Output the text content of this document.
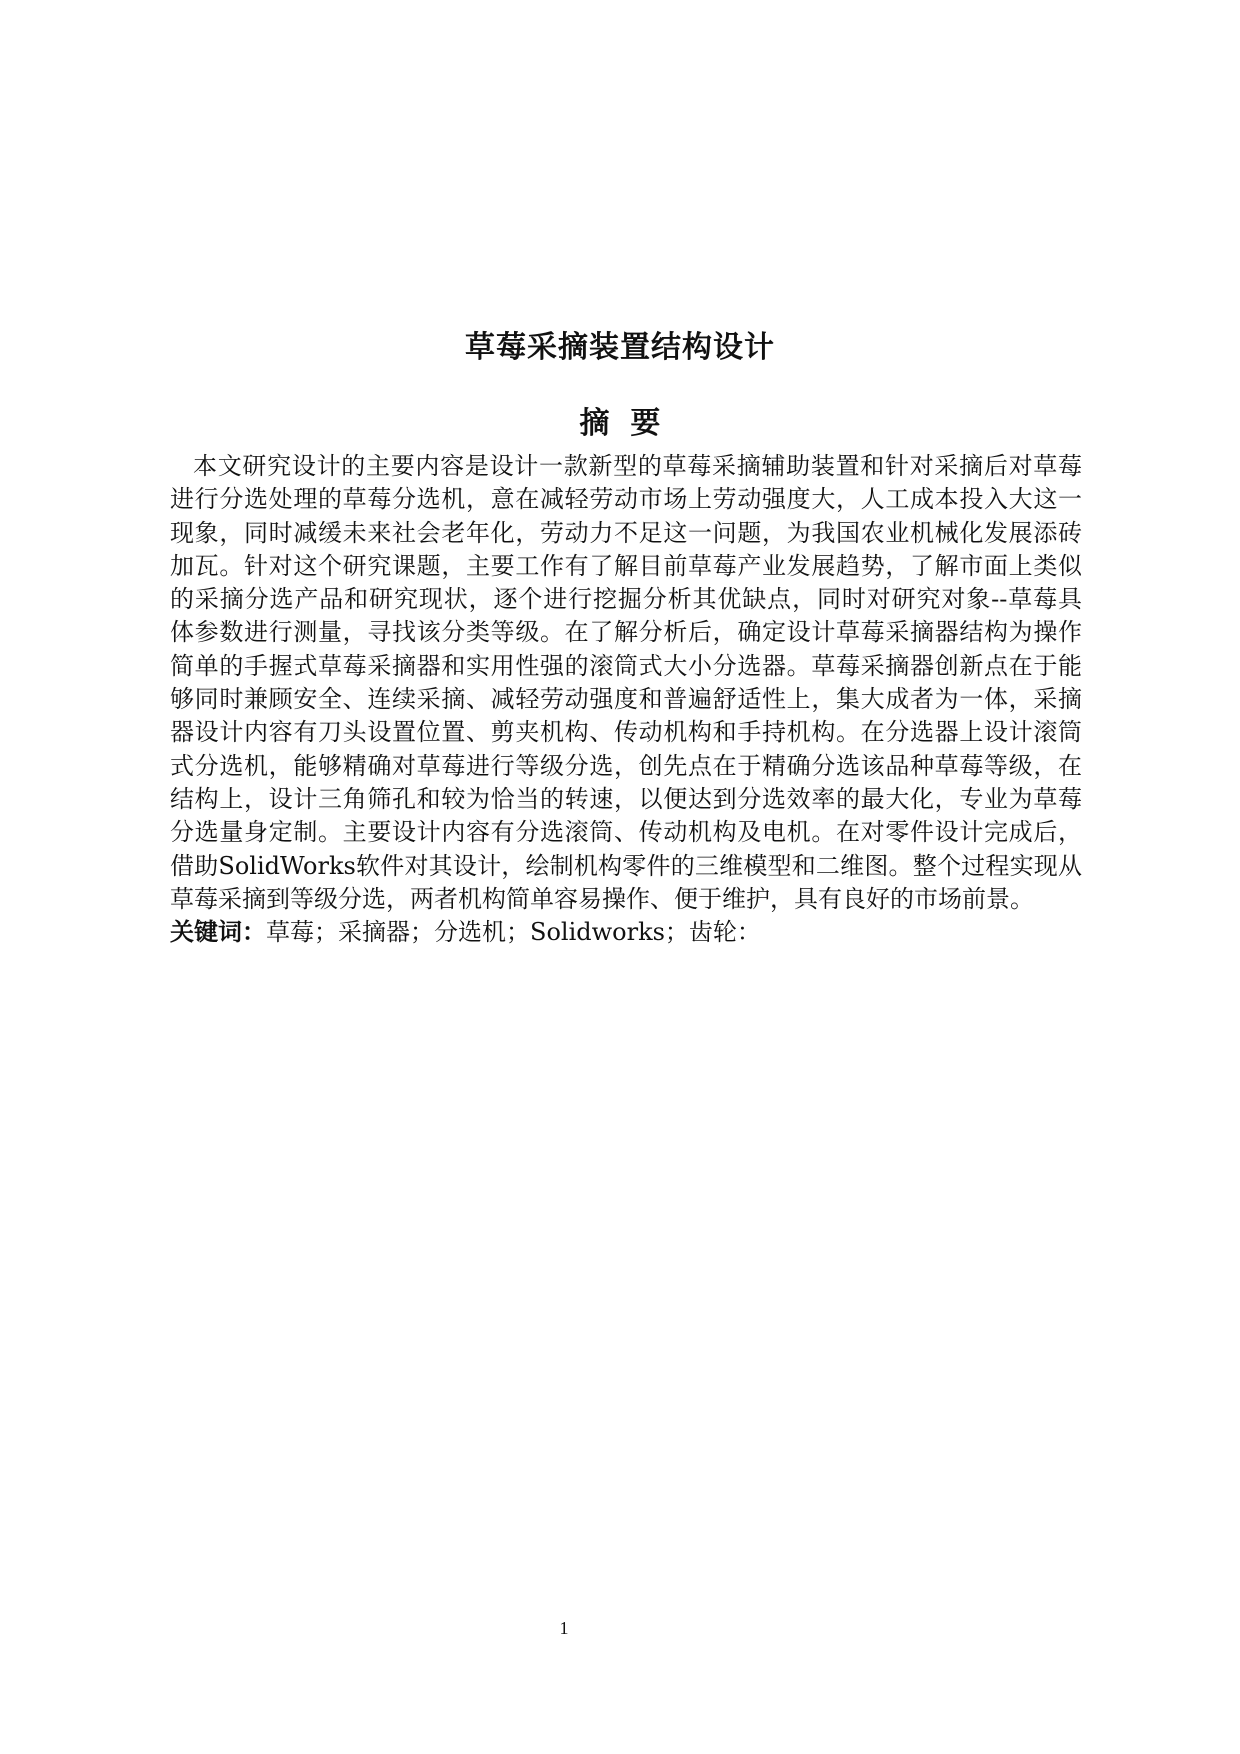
草莓采摘装置结构设计
摘  要
本文研究设计的主要内容是设计一款新型的草莓采摘辅助装置和针对采摘后对草莓
进行分选处理的草莓分选机，意在减轻劳动市场上劳动强度大，人工成本投入大这一
现象，同时减缓未来社会老年化，劳动力不足这一问题，为我国农业机械化发展添砖
加瓦。针对这个研究课题，主要工作有了解目前草莓产业发展趋势，了解市面上类似
的采摘分选产品和研究现状，逐个进行挖掘分析其优缺点，同时对研究对象--草莓具
体参数进行测量，寻找该分类等级。在了解分析后，确定设计草莓采摘器结构为操作
简单的手握式草莓采摘器和实用性强的滚筒式大小分选器。草莓采摘器创新点在于能
够同时兼顾安全、连续采摘、减轻劳动强度和普遍舒适性上，集大成者为一体，采摘
器设计内容有刀头设置位置、剪夹机构、传动机构和手持机构。在分选器上设计滚筒
式分选机，能够精确对草莓进行等级分选，创先点在于精确分选该品种草莓等级，在
结构上，设计三角筛孔和较为恰当的转速，以便达到分选效率的最大化，专业为草莓
分选量身定制。主要设计内容有分选滚筒、传动机构及电机。在对零件设计完成后，
借助SolidWorks软件对其设计，绘制机构零件的三维模型和二维图。整个过程实现从
草莓采摘到等级分选，两者机构简单容易操作、便于维护，具有良好的市场前景。
关键词：草莓；采摘器；分选机；Solidworks；齿轮：
1
